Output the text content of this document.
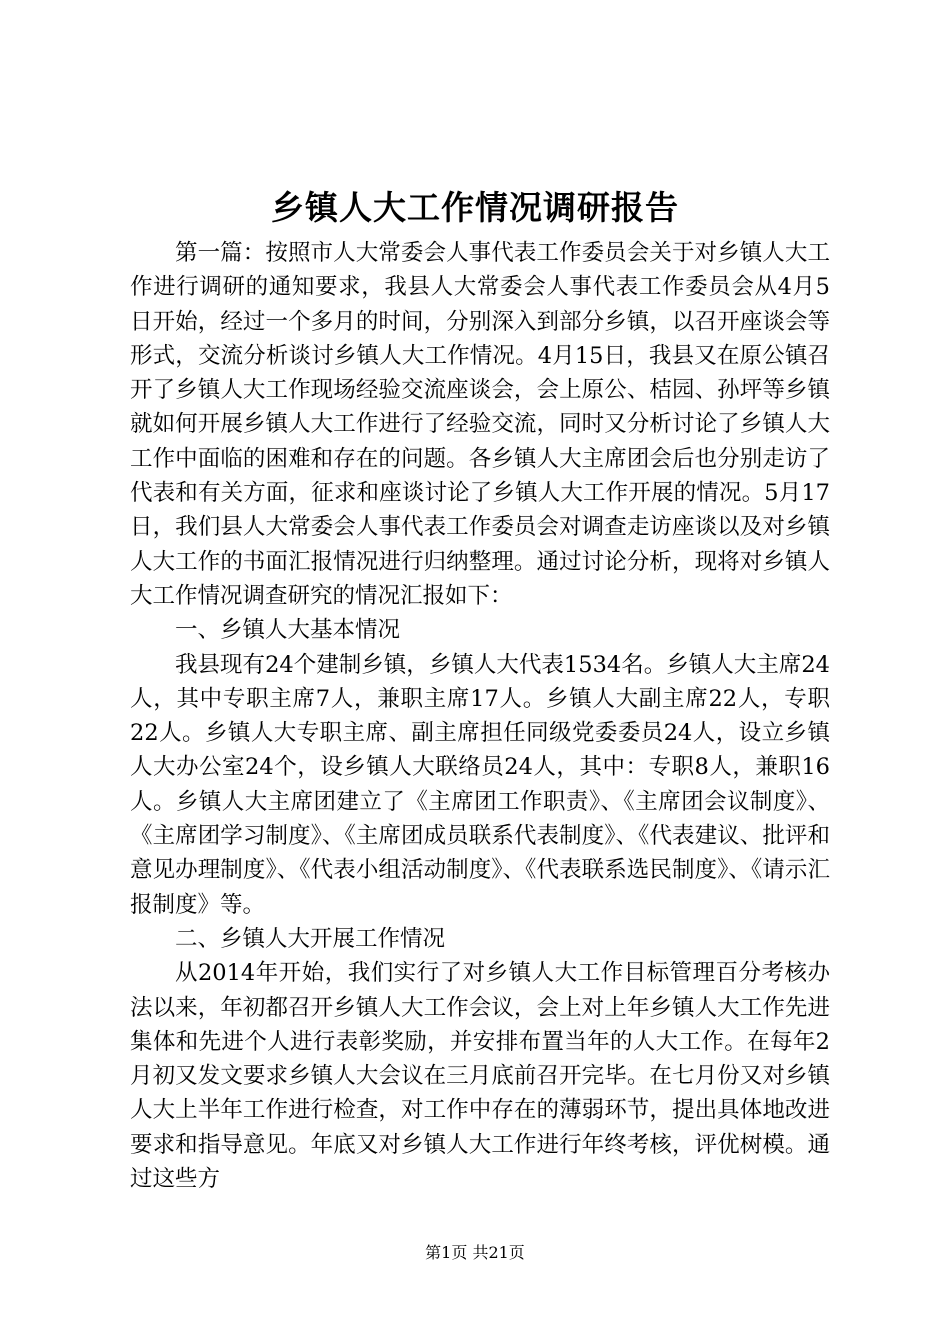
乡镇人大工作情况调研报告

第一篇：按照市人大常委会人事代表工作委员会关于对乡镇人大工作进行调研的通知要求，我县人大常委会人事代表工作委员会从4月5日开始，经过一个多月的时间，分别深入到部分乡镇，以召开座谈会等形式，交流分析谈讨乡镇人大工作情况。4月15日，我县又在原公镇召开了乡镇人大工作现场经验交流座谈会，会上原公、桔园、孙坪等乡镇就如何开展乡镇人大工作进行了经验交流，同时又分析讨论了乡镇人大工作中面临的困难和存在的问题。各乡镇人大主席团会后也分别走访了代表和有关方面，征求和座谈讨论了乡镇人大工作开展的情况。5月17日，我们县人大常委会人事代表工作委员会对调查走访座谈以及对乡镇人大工作的书面汇报情况进行归纳整理。通过讨论分析，现将对乡镇人大工作情况调查研究的情况汇报如下：

一、乡镇人大基本情况

我县现有24个建制乡镇，乡镇人大代表1534名。乡镇人大主席24人，其中专职主席7人，兼职主席17人。乡镇人大副主席22人，专职22人。乡镇人大专职主席、副主席担任同级党委委员24人，设立乡镇人大办公室24个，设乡镇人大联络员24人，其中：专职8人，兼职16人。乡镇人大主席团建立了《主席团工作职责》、《主席团会议制度》、《主席团学习制度》、《主席团成员联系代表制度》、《代表建议、批评和意见办理制度》、《代表小组活动制度》、《代表联系选民制度》、《请示汇报制度》等。

二、乡镇人大开展工作情况

从2014年开始，我们实行了对乡镇人大工作目标管理百分考核办法以来，年初都召开乡镇人大工作会议，会上对上年乡镇人大工作先进集体和先进个人进行表彰奖励，并安排布置当年的人大工作。在每年2月初又发文要求乡镇人大会议在三月底前召开完毕。在七月份又对乡镇人大上半年工作进行检查，对工作中存在的薄弱环节，提出具体地改进要求和指导意见。年底又对乡镇人大工作进行年终考核，评优树模。通过这些方

第1页 共21页
